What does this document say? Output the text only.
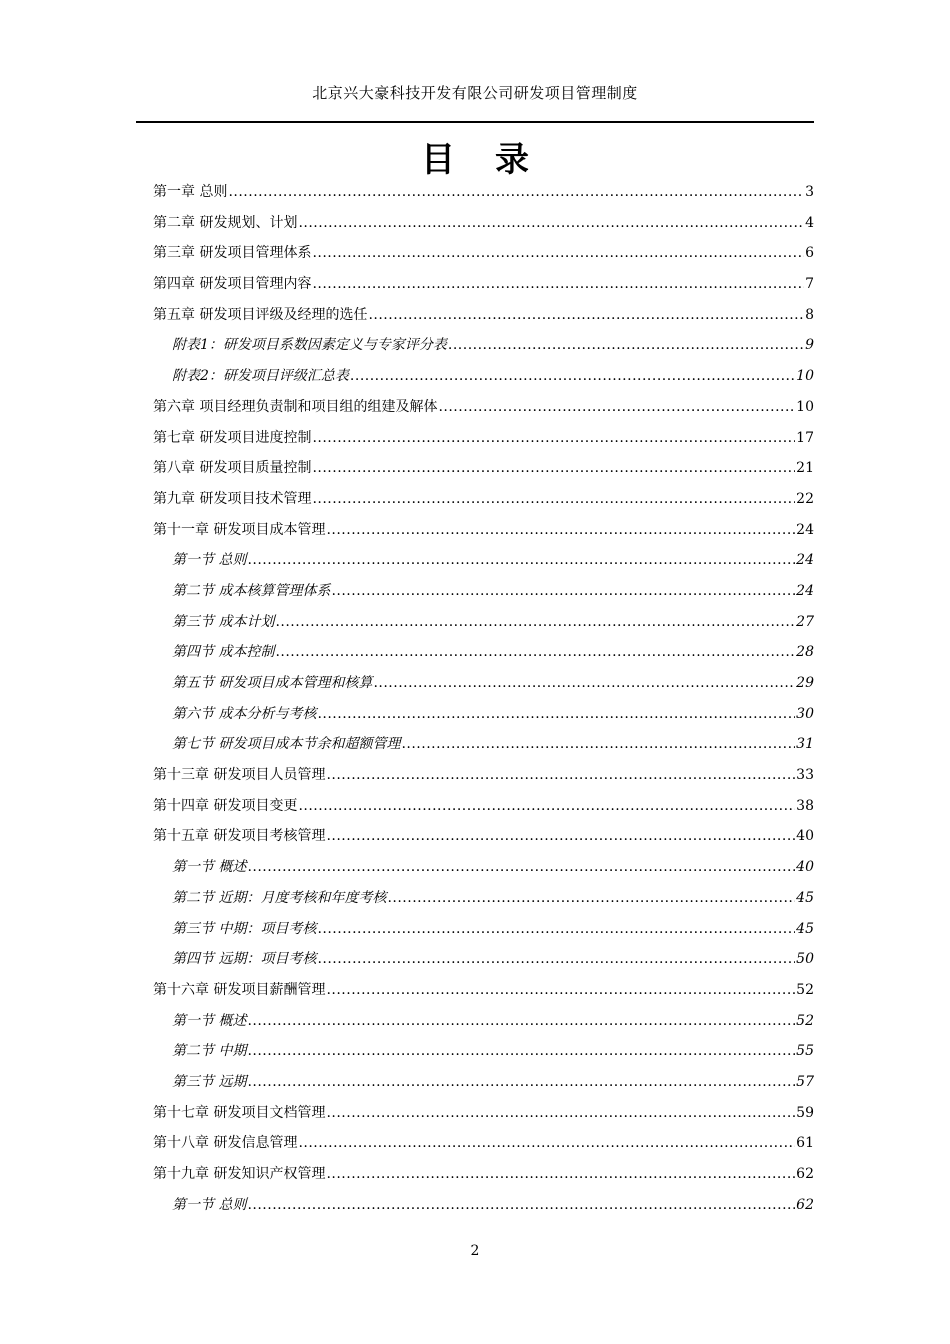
北京兴大豪科技开发有限公司研发项目管理制度
目录
第一章 总则 .....	3
第二章 研发规划、计划 .....	4
第三章 研发项目管理体系 .....	6
第四章 研发项目管理内容 .....	7
第五章 研发项目评级及经理的选任 .....	8
附表1：研发项目系数因素定义与专家评分表 .....	9
附表2：研发项目评级汇总表 .....	10
第六章 项目经理负责制和项目组的组建及解体 .....	10
第七章 研发项目进度控制 .....	17
第八章 研发项目质量控制 .....	21
第九章 研发项目技术管理 .....	22
第十一章 研发项目成本管理 .....	24
第一节 总则 .....	24
第二节 成本核算管理体系 .....	24
第三节 成本计划 .....	27
第四节 成本控制 .....	28
第五节 研发项目成本管理和核算 .....	29
第六节 成本分析与考核 .....	30
第七节 研发项目成本节余和超额管理 .....	31
第十三章 研发项目人员管理 .....	33
第十四章 研发项目变更 .....	38
第十五章 研发项目考核管理 .....	40
第一节 概述 .....	40
第二节 近期：月度考核和年度考核 .....	45
第三节 中期：项目考核 .....	45
第四节 远期：项目考核 .....	50
第十六章 研发项目薪酬管理 .....	52
第一节 概述 .....	52
第二节 中期 .....	55
第三节 远期 .....	57
第十七章 研发项目文档管理 .....	59
第十八章 研发信息管理 .....	61
第十九章 研发知识产权管理 .....	62
第一节 总则 .....	62
2
